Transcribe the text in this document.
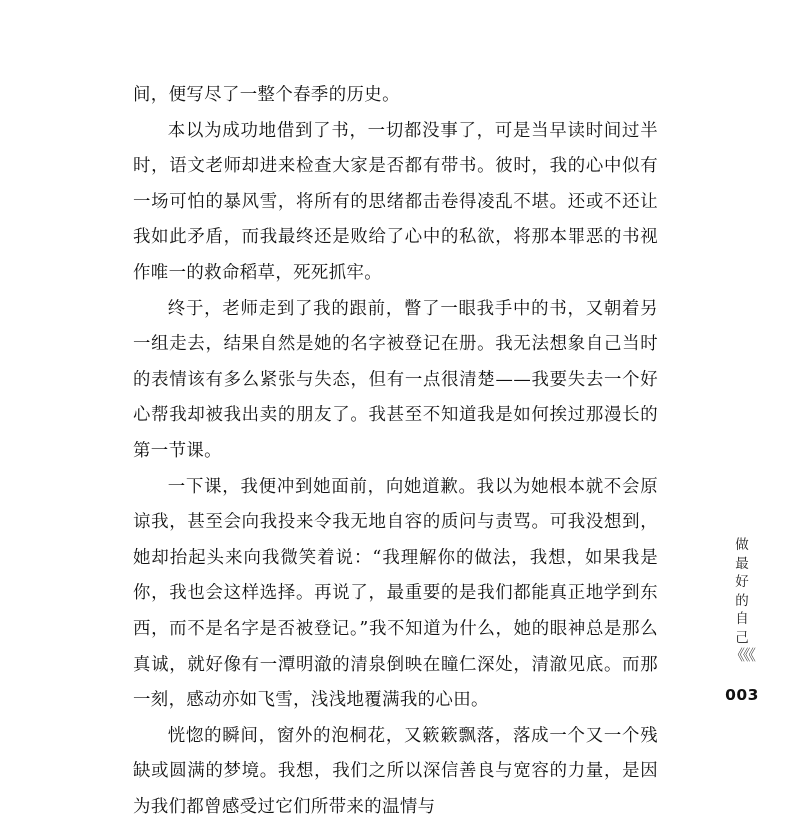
间，便写尽了一整个春季的历史。

本以为成功地借到了书，一切都没事了，可是当早读时间过半时，语文老师却进来检查大家是否都有带书。彼时，我的心中似有一场可怕的暴风雪，将所有的思绪都击卷得凌乱不堪。还或不还让我如此矛盾，而我最终还是败给了心中的私欲，将那本罪恶的书视作唯一的救命稻草，死死抓牢。

终于，老师走到了我的跟前，瞥了一眼我手中的书，又朝着另一组走去，结果自然是她的名字被登记在册。我无法想象自己当时的表情该有多么紧张与失态，但有一点很清楚——我要失去一个好心帮我却被我出卖的朋友了。我甚至不知道我是如何挨过那漫长的第一节课。

一下课，我便冲到她面前，向她道歉。我以为她根本就不会原谅我，甚至会向我投来令我无地自容的质问与责骂。可我没想到，她却抬起头来向我微笑着说：“我理解你的做法，我想，如果我是你，我也会这样选择。再说了，最重要的是我们都能真正地学到东西，而不是名字是否被登记。”我不知道为什么，她的眼神总是那么真诚，就好像有一潭明澈的清泉倒映在瞳仁深处，清澈见底。而那一刻，感动亦如飞雪，浅浅地覆满我的心田。

恍惚的瞬间，窗外的泡桐花，又簌簌飘落，落成一个又一个残缺或圆满的梦境。我想，我们之所以深信善良与宽容的力量，是因为我们都曾感受过它们所带来的温情与

做
最
好
的
自
己
《《《
003
